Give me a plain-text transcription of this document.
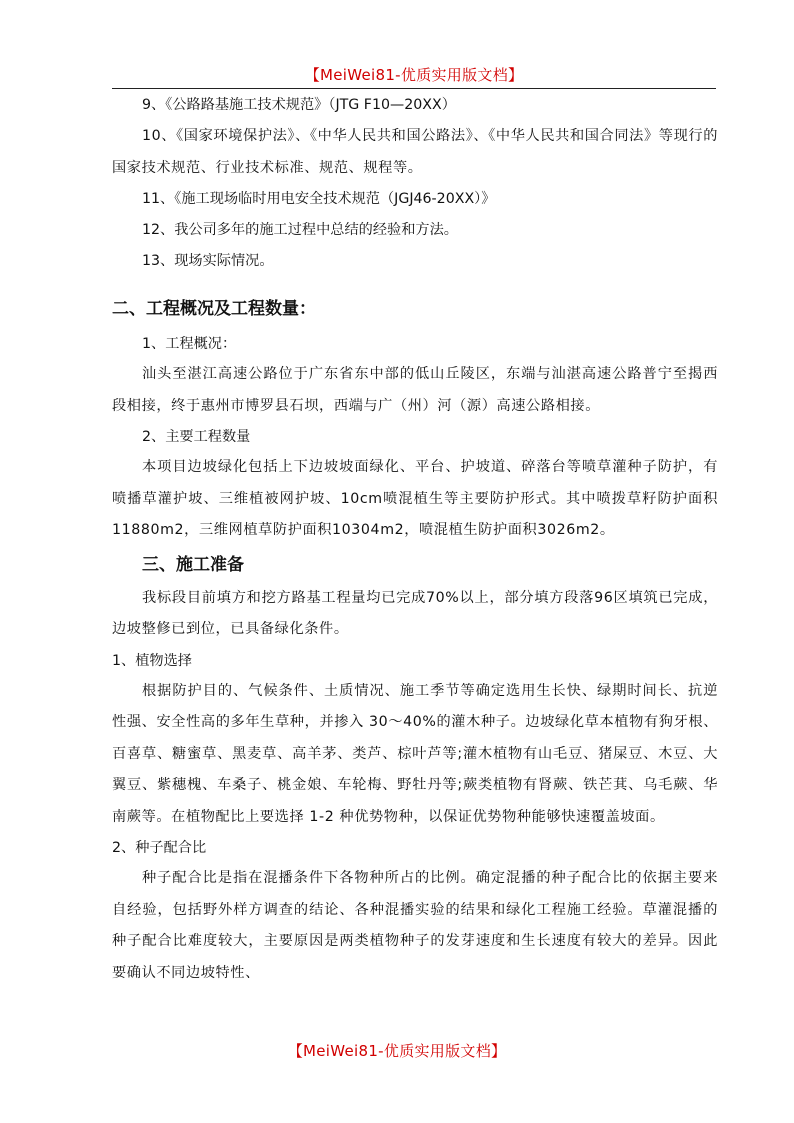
【MeiWei81-优质实用版文档】

9、《公路路基施工技术规范》（JTG F10—20XX）

10、《国家环境保护法》、《中华人民共和国公路法》、《中华人民共和国合同法》等现行的国家技术规范、行业技术标准、规范、规程等。

11、《施工现场临时用电安全技术规范（JGJ46-20XX）》

12、我公司多年的施工过程中总结的经验和方法。

13、现场实际情况。

二、工程概况及工程数量：

1、工程概况：

汕头至湛江高速公路位于广东省东中部的低山丘陵区，东端与汕湛高速公路普宁至揭西段相接，终于惠州市博罗县石坝，西端与广（州）河（源）高速公路相接。

2、主要工程数量

本项目边坡绿化包括上下边坡坡面绿化、平台、护坡道、碎落台等喷草灌种子防护，有喷播草灌护坡、三维植被网护坡、10cm喷混植生等主要防护形式。其中喷拨草籽防护面积11880m2，三维网植草防护面积10304m2，喷混植生防护面积3026m2。

三、施工准备

我标段目前填方和挖方路基工程量均已完成70%以上，部分填方段落96区填筑已完成，边坡整修已到位，已具备绿化条件。

1、植物选择

根据防护目的、气候条件、土质情况、施工季节等确定选用生长快、绿期时间长、抗逆性强、安全性高的多年生草种，并掺入 30～40%的灌木种子。边坡绿化草本植物有狗牙根、百喜草、糖蜜草、黑麦草、高羊茅、类芦、棕叶芦等;灌木植物有山毛豆、猪屎豆、木豆、大翼豆、紫穗槐、车桑子、桃金娘、车轮梅、野牡丹等;蕨类植物有肾蕨、铁芒萁、乌毛蕨、华南蕨等。在植物配比上要选择 1-2 种优势物种，以保证优势物种能够快速覆盖坡面。

2、种子配合比

种子配合比是指在混播条件下各物种所占的比例。确定混播的种子配合比的依据主要来自经验，包括野外样方调查的结论、各种混播实验的结果和绿化工程施工经验。草灌混播的种子配合比难度较大，主要原因是两类植物种子的发芽速度和生长速度有较大的差异。因此要确认不同边坡特性、

【MeiWei81-优质实用版文档】
